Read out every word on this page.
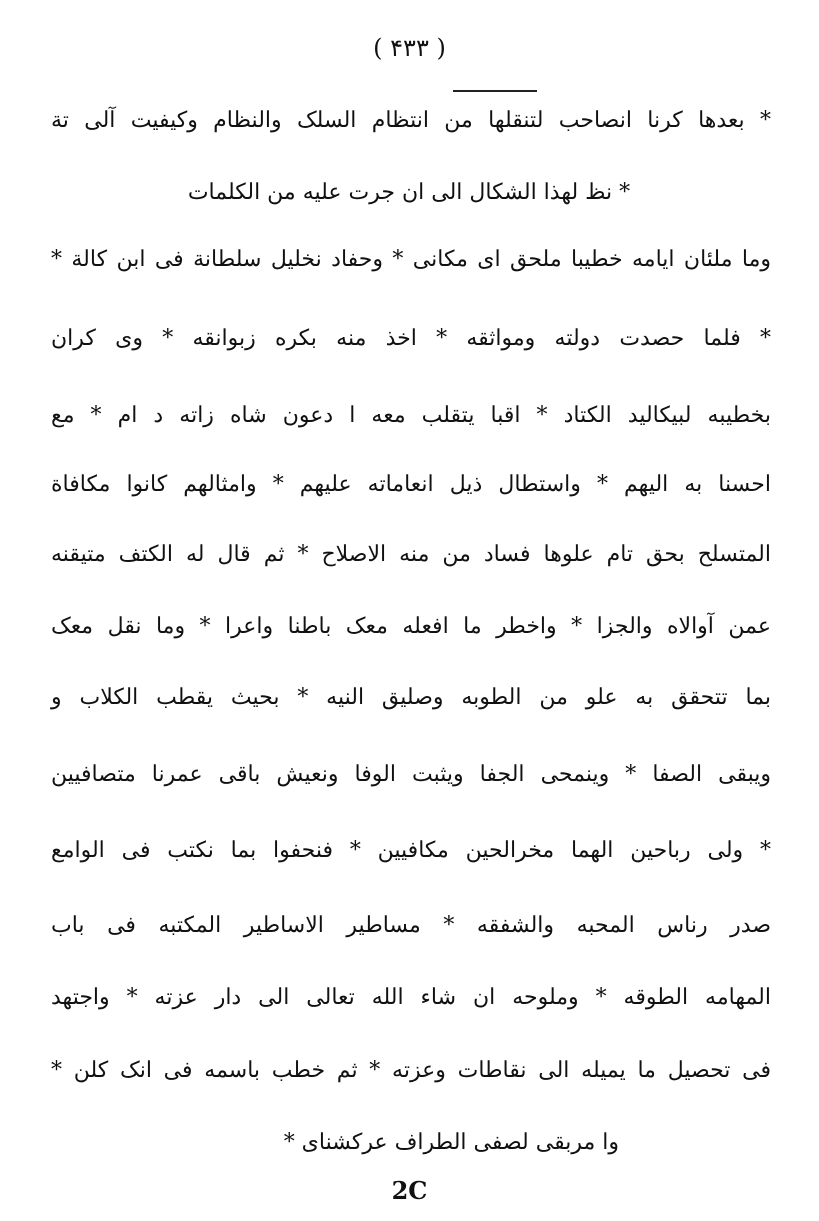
( ۴۳۳ )
* بعدها کرنا انصاحب لتنقلها من انتظام السلک والنظام وکیفیت آلی تة
* نظ لهذا الشکال الی ان جرت علیه من الکلمات
وما ملئان ایامه خطیبا ملحق ای مکانی * وحفاد نخلیل سلطانة فی ابن کالة *
* فلما حصدت دولته ومواثقه * اخذ منه بکره زبوانقه * وی کران
بخطیبه لبیکالید الکتاد * اقبا یتقلب معه ا دعون شاه زاته د ام * مع
احسنا به الیهم * واستطال ذیل انعاماته علیهم * وامثالهم کانوا مکافاة
المتسلح بحق تام علوها فساد من منه الاصلاح * ثم قال له الکتف متیقنه
عمن آوالاه والجزا * واخطر ما افعله معک باطنا واعرا * وما نقل معک
بما تتحقق به علو من الطوبه وصلیق النیه * بحیث یقطب الکلاب و
ویبقی الصفا * وینمحی الجفا ویثبت الوفا ونعیش باقی عمرنا متصافیین
* ولی رباحین الهما مخرالحین مکافیین * فنحفوا بما نکتب فی الوامع
صدر رناس المحبه والشفقه * مساطیر الاساطیر المکتبه فی باب
المهامه الطوقه * وملوحه ان شاء الله تعالی الی دار عزته * واجتهد
فی تحصیل ما یمیله الی نقاطات وعزته * ثم خطب باسمه فی انک کلن *
وا مربقی لصفی الطراف عرکشنای *
2C
